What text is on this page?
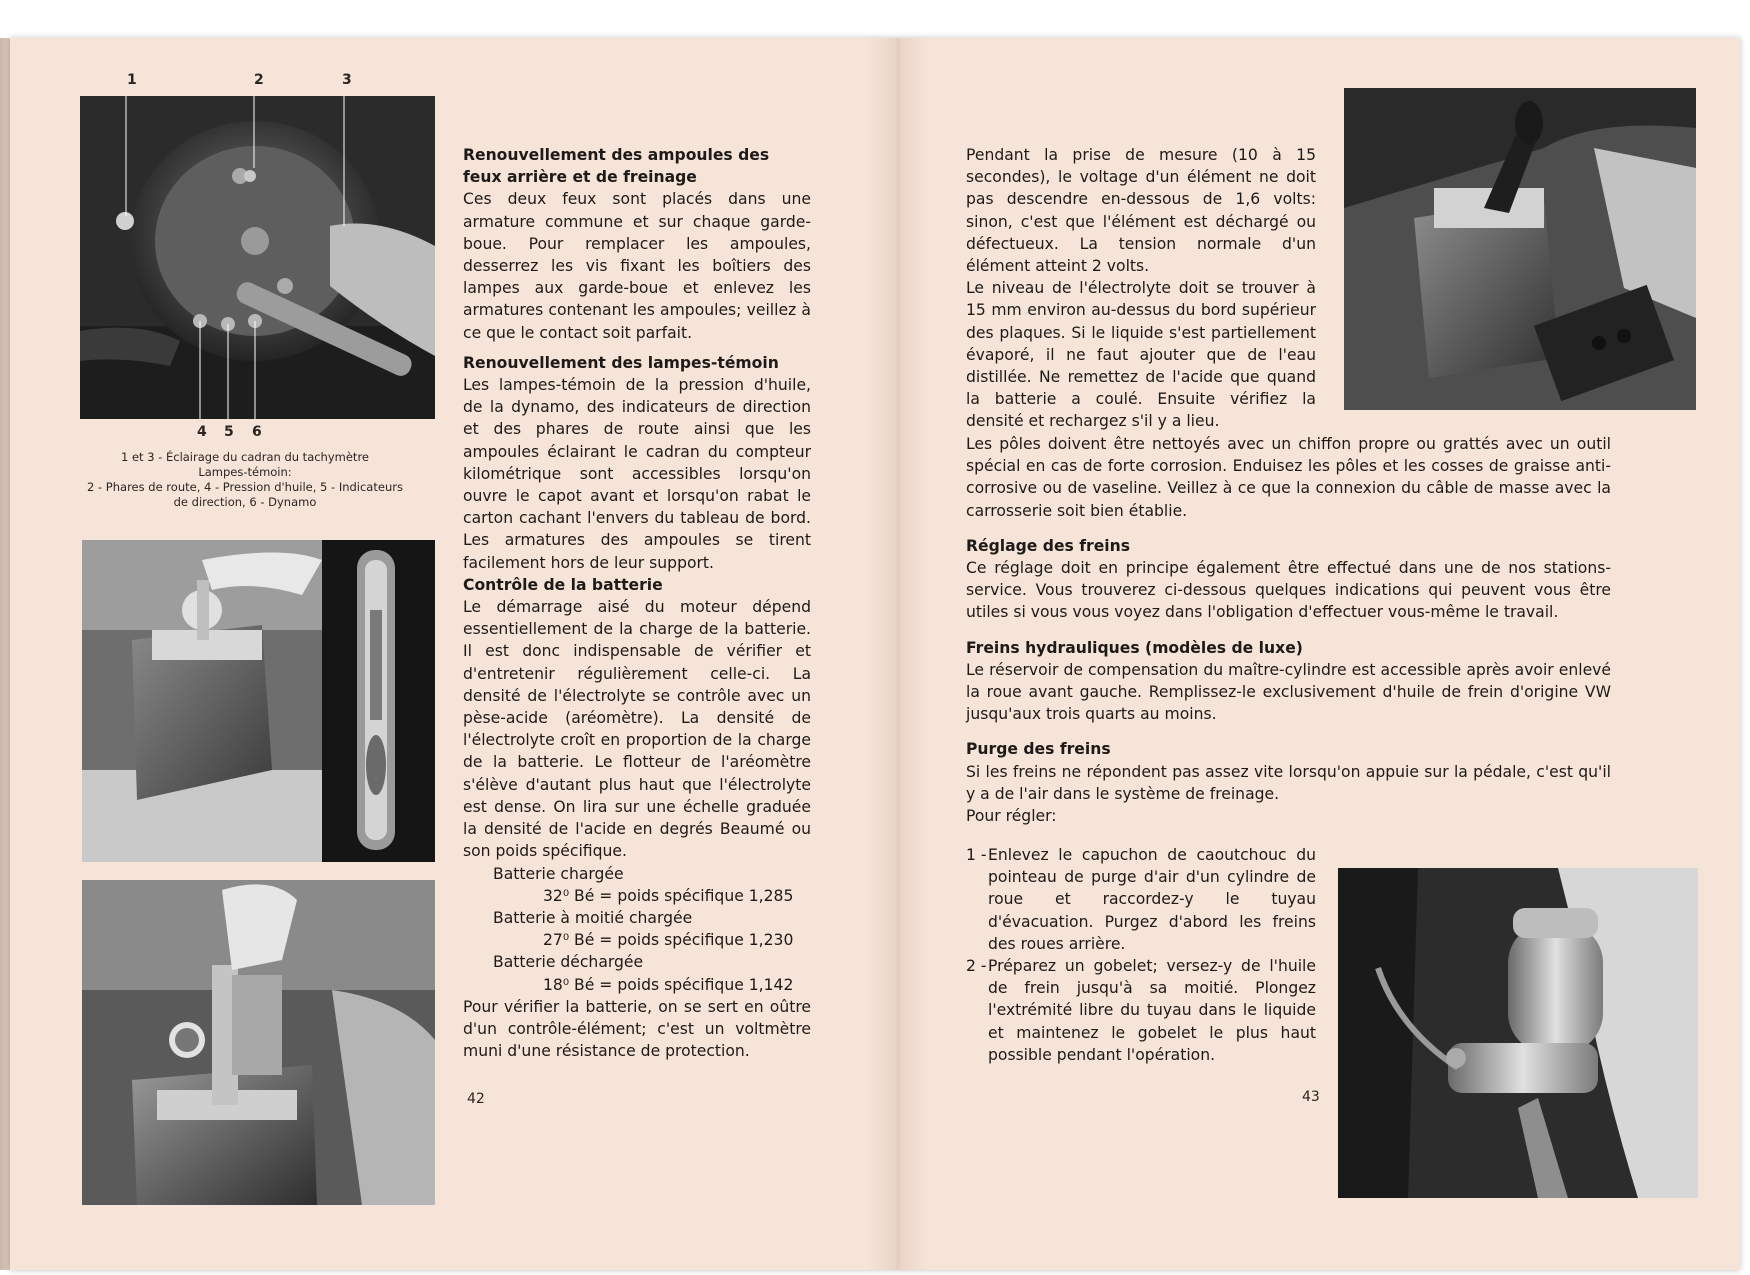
1	2	3
4 5 6
1 et 3 - Éclairage du cadran du tachymètre
Lampes-témoin:
2 - Phares de route, 4 - Pression d'huile, 5 - Indicateurs
de direction, 6 - Dynamo
Renouvellement des ampoules des feux arrière et de freinage

Ces deux feux sont placés dans une armature commune et sur chaque garde-boue. Pour remplacer les ampoules, desserrez les vis fixant les boîtiers des lampes aux garde-boue et enlevez les armatures contenant les ampoules; veillez à ce que le contact soit parfait.

Renouvellement des lampes-témoin

Les lampes-témoin de la pression d'huile, de la dynamo, des indicateurs de direction et des phares de route ainsi que les ampoules éclairant le cadran du compteur kilométrique sont accessibles lorsqu'on ouvre le capot avant et lorsqu'on rabat le carton cachant l'envers du tableau de bord. Les armatures des ampoules se tirent facilement hors de leur support.

Contrôle de la batterie

Le démarrage aisé du moteur dépend essentiellement de la charge de la batterie. Il est donc indispensable de vérifier et d'entretenir régulièrement celle-ci. La densité de l'électrolyte se contrôle avec un pèse-acide (aréomètre). La densité de l'électrolyte croît en proportion de la charge de la batterie. Le flotteur de l'aréomètre s'élève d'autant plus haut que l'électrolyte est dense. On lira sur une échelle graduée la densité de l'acide en degrés Beaumé ou son poids spécifique.

Batterie chargée

32⁰ Bé = poids spécifique 1,285

Batterie à moitié chargée

27⁰ Bé = poids spécifique 1,230

Batterie déchargée

18⁰ Bé = poids spécifique 1,142

Pour vérifier la batterie, on se sert en oûtre d'un contrôle-élément; c'est un voltmètre muni d'une résistance de protection.

42

Pendant la prise de mesure (10 à 15 secondes), le voltage d'un élément ne doit pas descendre en-dessous de 1,6 volts: sinon, c'est que l'élément est déchargé ou défectueux. La tension normale d'un élément atteint 2 volts.

Le niveau de l'électrolyte doit se trouver à 15 mm environ au-dessus du bord supérieur des plaques. Si le liquide s'est partiellement évaporé, il ne faut ajouter que de l'eau distillée. Ne remettez de l'acide que quand la batterie a coulé. Ensuite vérifiez la densité et rechargez s'il y a lieu.

Les pôles doivent être nettoyés avec un chiffon propre ou grattés avec un outil spécial en cas de forte corrosion. Enduisez les pôles et les cosses de graisse anti-corrosive ou de vaseline. Veillez à ce que la connexion du câble de masse avec la carrosserie soit bien établie.

Réglage des freins

Ce réglage doit en principe également être effectué dans une de nos stations-service. Vous trouverez ci-dessous quelques indications qui peuvent vous être utiles si vous vous voyez dans l'obligation d'effectuer vous-même le travail.

Freins hydrauliques (modèles de luxe)

Le réservoir de compensation du maître-cylindre est accessible après avoir enlevé la roue avant gauche. Remplissez-le exclusivement d'huile de frein d'origine VW jusqu'aux trois quarts au moins.

Purge des freins

Si les freins ne répondent pas assez vite lorsqu'on appuie sur la pédale, c'est qu'il y a de l'air dans le système de freinage.

Pour régler:

1 - Enlevez le capuchon de caoutchouc du pointeau de purge d'air d'un cylindre de roue et raccordez-y le tuyau d'évacuation. Purgez d'abord les freins des roues arrière.
2 - Préparez un gobelet; versez-y de l'huile de frein jusqu'à sa moitié. Plongez l'extrémité libre du tuyau dans le liquide et maintenez le gobelet le plus haut possible pendant l'opération.
43
